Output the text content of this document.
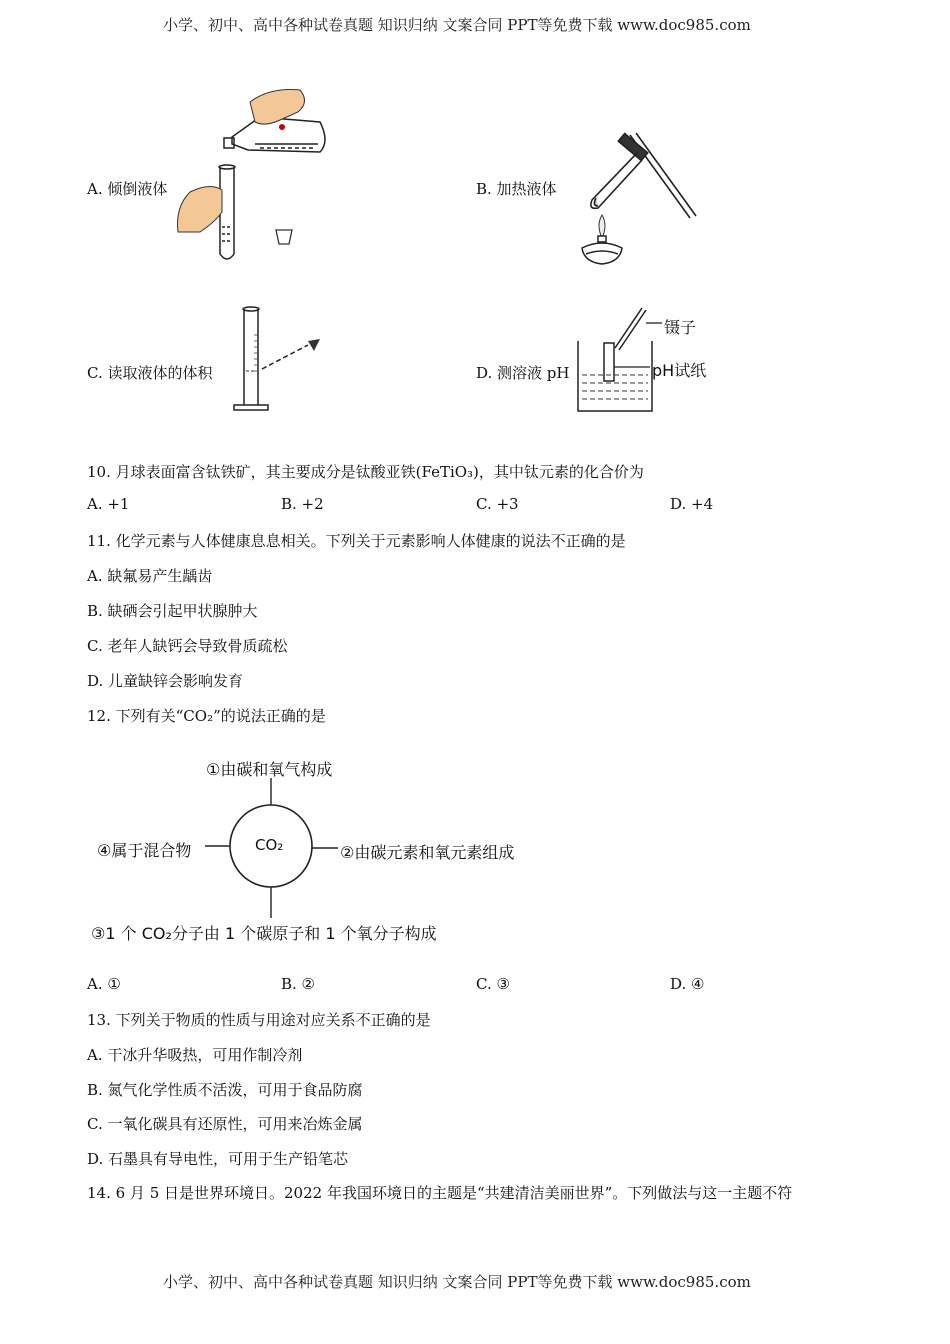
小学、初中、高中各种试卷真题 知识归纳 文案合同 PPT等免费下载 www.doc985.com
A. 倾倒液体	B. 加热液体
C. 读取液体的体积
镊子
pH试纸
D. 测溶液 pH
10. 月球表面富含钛铁矿，其主要成分是钛酸亚铁(FeTiO₃)，其中钛元素的化合价为
A. +1	B. +2	C. +3	D. +4
11. 化学元素与人体健康息息相关。下列关于元素影响人体健康的说法不正确的是
A. 缺氟易产生龋齿
B. 缺硒会引起甲状腺肿大
C. 老年人缺钙会导致骨质疏松
D. 儿童缺锌会影响发育
12. 下列有关“CO₂”的说法正确的是
CO₂
①由碳和氧气构成
②由碳元素和氧元素组成
③1 个 CO₂分子由 1 个碳原子和 1 个氧分子构成
④属于混合物
A. ①	B. ②	C. ③	D. ④
13. 下列关于物质的性质与用途对应关系不正确的是
A. 干冰升华吸热，可用作制冷剂
B. 氮气化学性质不活泼，可用于食品防腐
C. 一氧化碳具有还原性，可用来冶炼金属
D. 石墨具有导电性，可用于生产铅笔芯
14. 6 月 5 日是世界环境日。2022 年我国环境日的主题是“共建清洁美丽世界”。下列做法与这一主题不符
小学、初中、高中各种试卷真题 知识归纳 文案合同 PPT等免费下载 www.doc985.com
